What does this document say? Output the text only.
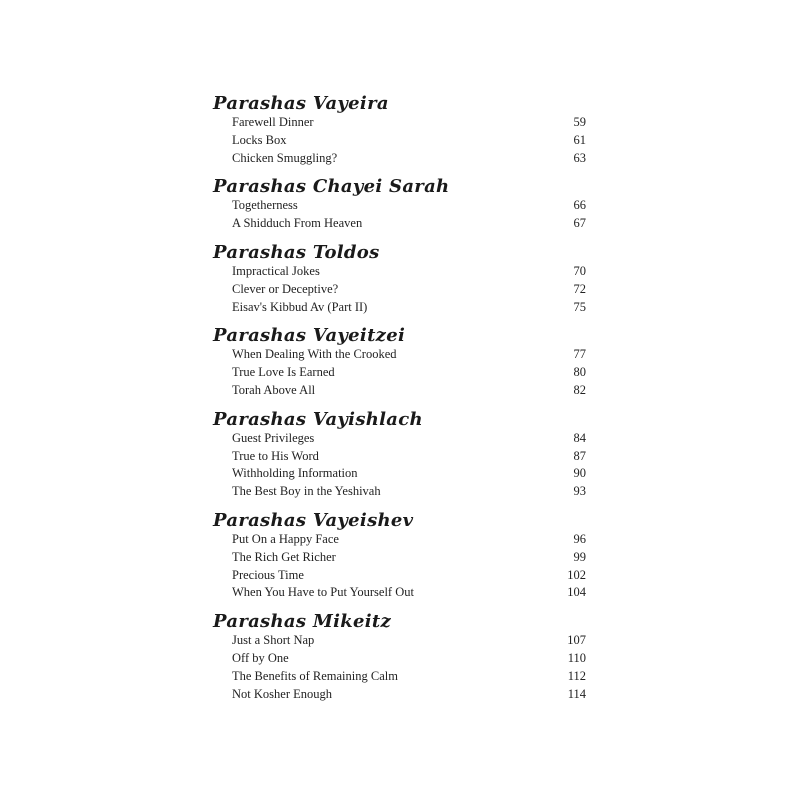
Parashas Vayeira
Farewell Dinner	59
Locks Box	61
Chicken Smuggling?	63
Parashas Chayei Sarah
Togetherness	66
A Shidduch From Heaven	67
Parashas Toldos
Impractical Jokes	70
Clever or Deceptive?	72
Eisav's Kibbud Av (Part II)	75
Parashas Vayeitzei
When Dealing With the Crooked	77
True Love Is Earned	80
Torah Above All	82
Parashas Vayishlach
Guest Privileges	84
True to His Word	87
Withholding Information	90
The Best Boy in the Yeshivah	93
Parashas Vayeishev
Put On a Happy Face	96
The Rich Get Richer	99
Precious Time	102
When You Have to Put Yourself Out	104
Parashas Mikeitz
Just a Short Nap	107
Off by One	110
The Benefits of Remaining Calm	112
Not Kosher Enough	114
